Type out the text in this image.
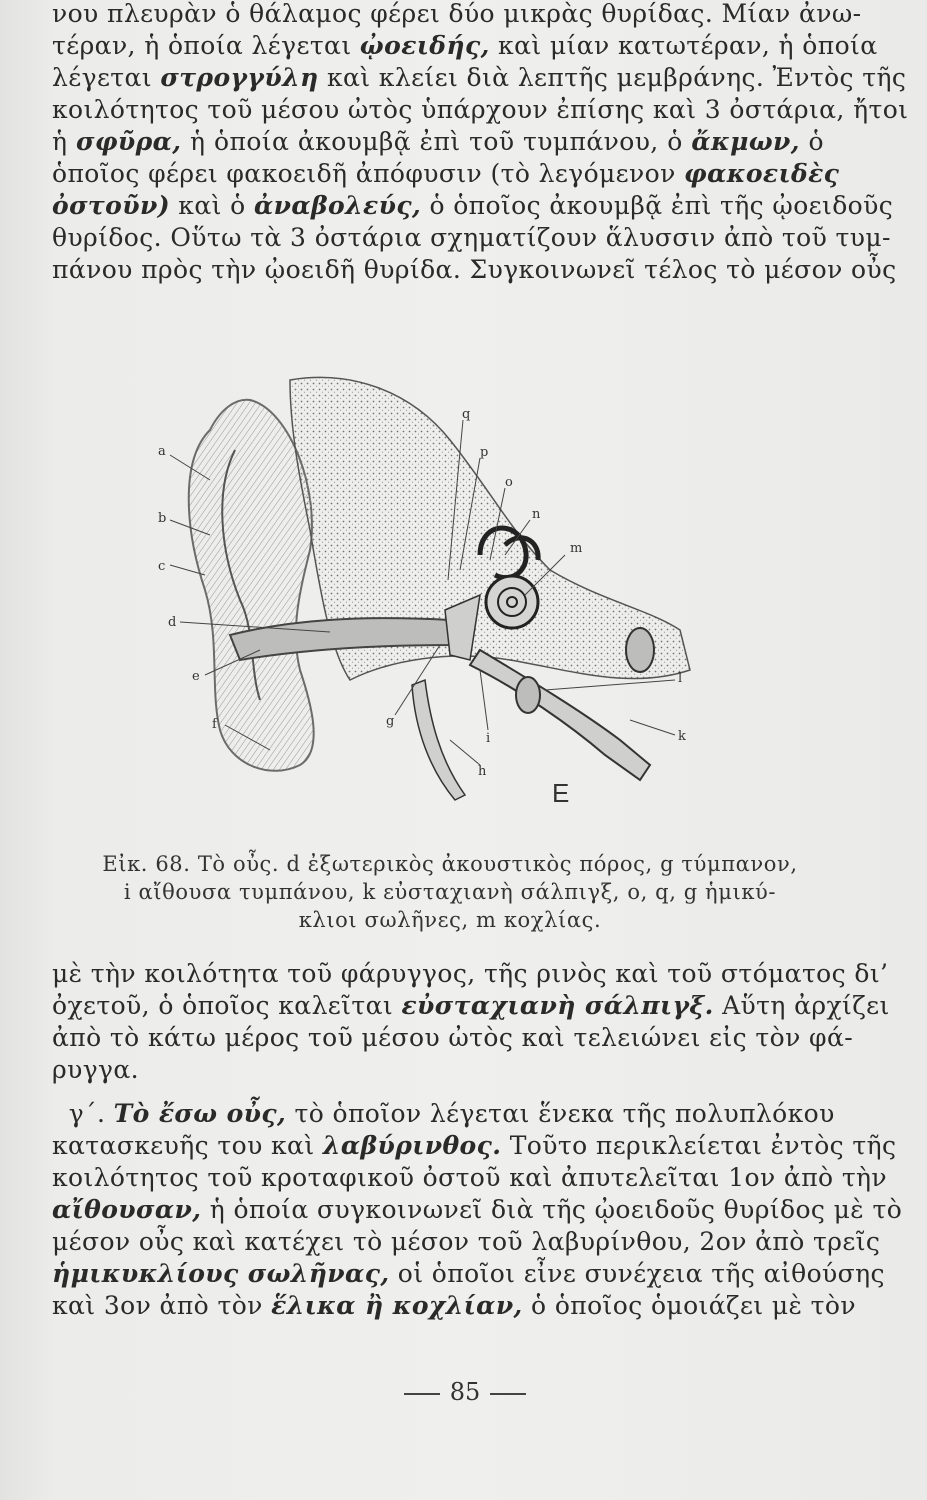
νου πλευρὰν ὁ θάλαμος φέρει δύο μικρὰς θυρίδας. Μίαν ἀνω-
τέραν, ἡ ὁποία λέγεται ᾠοειδής, καὶ μίαν κατωτέραν, ἡ ὁποία
λέγεται στρογγύλη καὶ κλείει διὰ λεπτῆς μεμβράνης. Ἐντὸς τῆς
κοιλότητος τοῦ μέσου ὠτὸς ὑπάρχουν ἐπίσης καὶ 3 ὀστάρια, ἤτοι
ἡ σφῦρα, ἡ ὁποία ἀκουμβᾷ ἐπὶ τοῦ τυμπάνου, ὁ ἄκμων, ὁ
ὁποῖος φέρει φακοειδῆ ἀπόφυσιν (τὸ λεγόμενον φακοειδὲς
ὀστοῦν) καὶ ὁ ἀναβολεύς, ὁ ὁποῖος ἀκουμβᾷ ἐπὶ τῆς ᾠοειδοῦς
θυρίδος. Οὕτω τὰ 3 ὀστάρια σχηματίζουν ἅλυσσιν ἀπὸ τοῦ τυμ-
πάνου πρὸς τὴν ᾠοειδῆ θυρίδα. Συγκοινωνεῖ τέλος τὸ μέσον οὖς
a
b
c
d
e
f	g
h
i	k
l
m
n
o
p
q
E
Εἰκ. 68. Τὸ οὖς. d ἐξωτερικὸς ἀκουστικὸς πόρος, g τύμπανον,
i αἴθουσα τυμπάνου, k εὐσταχιανὴ σάλπιγξ, o, q, g ἡμικύ-
κλιοι σωλῆνες, m κοχλίας.
μὲ τὴν κοιλότητα τοῦ φάρυγγος, τῆς ρινὸς καὶ τοῦ στόματος δι’
ὀχετοῦ, ὁ ὁποῖος καλεῖται εὐσταχιανὴ σάλπιγξ. Αὕτη ἀρχίζει
ἀπὸ τὸ κάτω μέρος τοῦ μέσου ὠτὸς καὶ τελειώνει εἰς τὸν φά-
ρυγγα.
γ΄. Τὸ ἔσω οὖς, τὸ ὁποῖον λέγεται ἕνεκα τῆς πολυπλόκου
κατασκευῆς του καὶ λαβύρινθος. Τοῦτο περικλείεται ἐντὸς τῆς
κοιλότητος τοῦ κροταφικοῦ ὀστοῦ καὶ ἀπυτελεῖται 1ον ἀπὸ τὴν
αἴθουσαν, ἡ ὁποία συγκοινωνεῖ διὰ τῆς ᾠοειδοῦς θυρίδος μὲ τὸ
μέσον οὖς καὶ κατέχει τὸ μέσον τοῦ λαβυρίνθου, 2ον ἀπὸ τρεῖς
ἡμικυκλίους σωλῆνας, οἱ ὁποῖοι εἶνε συνέχεια τῆς αἰθούσης
καὶ 3ον ἀπὸ τὸν ἕλικα ἢ κοχλίαν, ὁ ὁποῖος ὁμοιάζει μὲ τὸν
85
